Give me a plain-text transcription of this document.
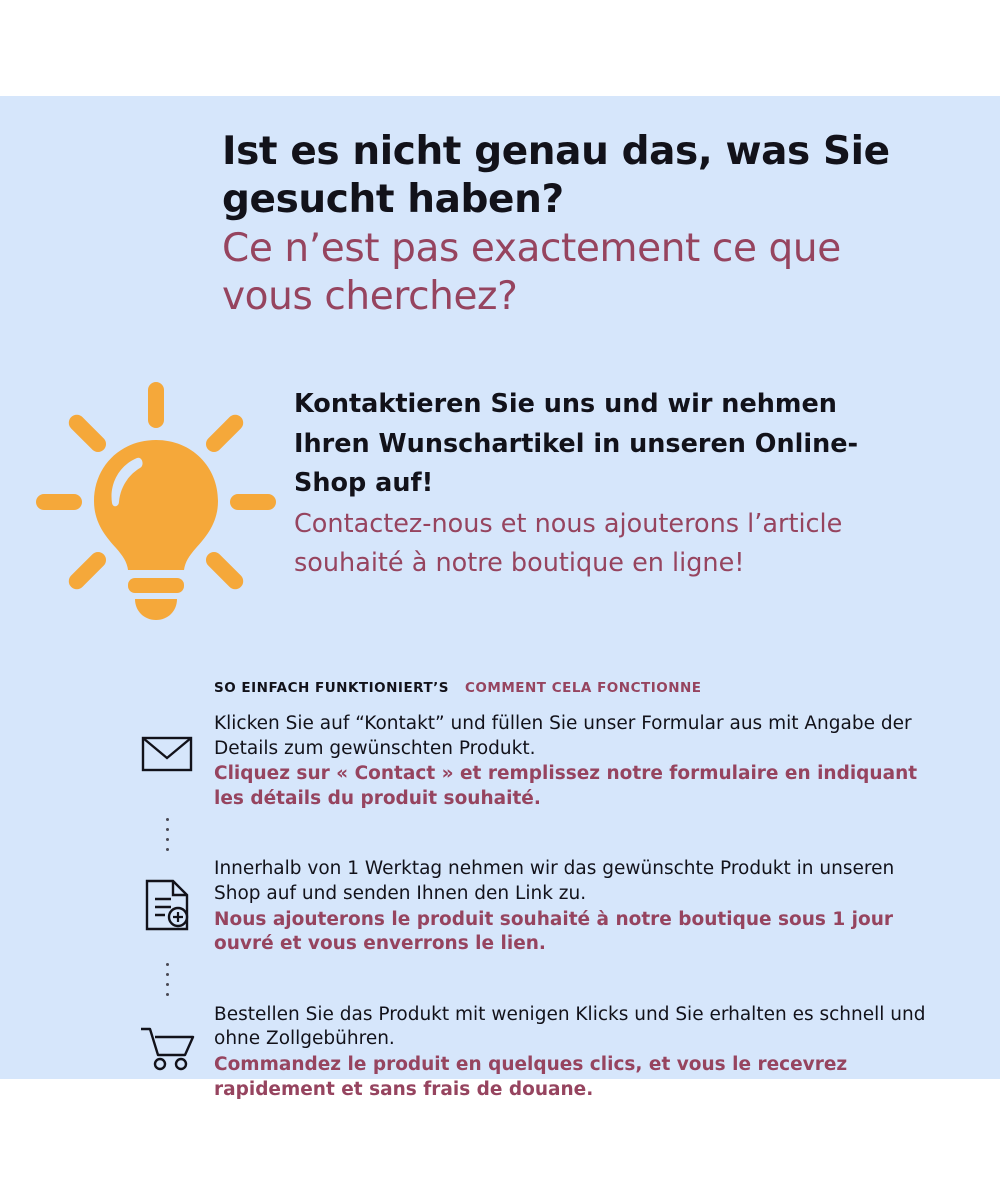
Ist es nicht genau das, was Sie gesucht haben?
Ce n’est pas exactement ce que vous cherchez?
Kontaktieren Sie uns und wir nehmen Ihren Wunschartikel in unseren Online-Shop auf!
Contactez-nous et nous ajouterons l’article souhaité à notre boutique en ligne!
SO EINFACH FUNKTIONIERT’S COMMENT CELA FONCTIONNE
Klicken Sie auf “Kontakt” und füllen Sie unser Formular aus mit Angabe der Details zum gewünschten Produkt.
Cliquez sur « Contact » et remplissez notre formulaire en indiquant les détails du produit souhaité.
Innerhalb von 1 Werktag nehmen wir das gewünschte Produkt in unseren Shop auf und senden Ihnen den Link zu.
Nous ajouterons le produit souhaité à notre boutique sous 1 jour ouvré et vous enverrons le lien.
Bestellen Sie das Produkt mit wenigen Klicks und Sie erhalten es schnell und ohne Zollgebühren.
Commandez le produit en quelques clics, et vous le recevrez rapidement et sans frais de douane.
